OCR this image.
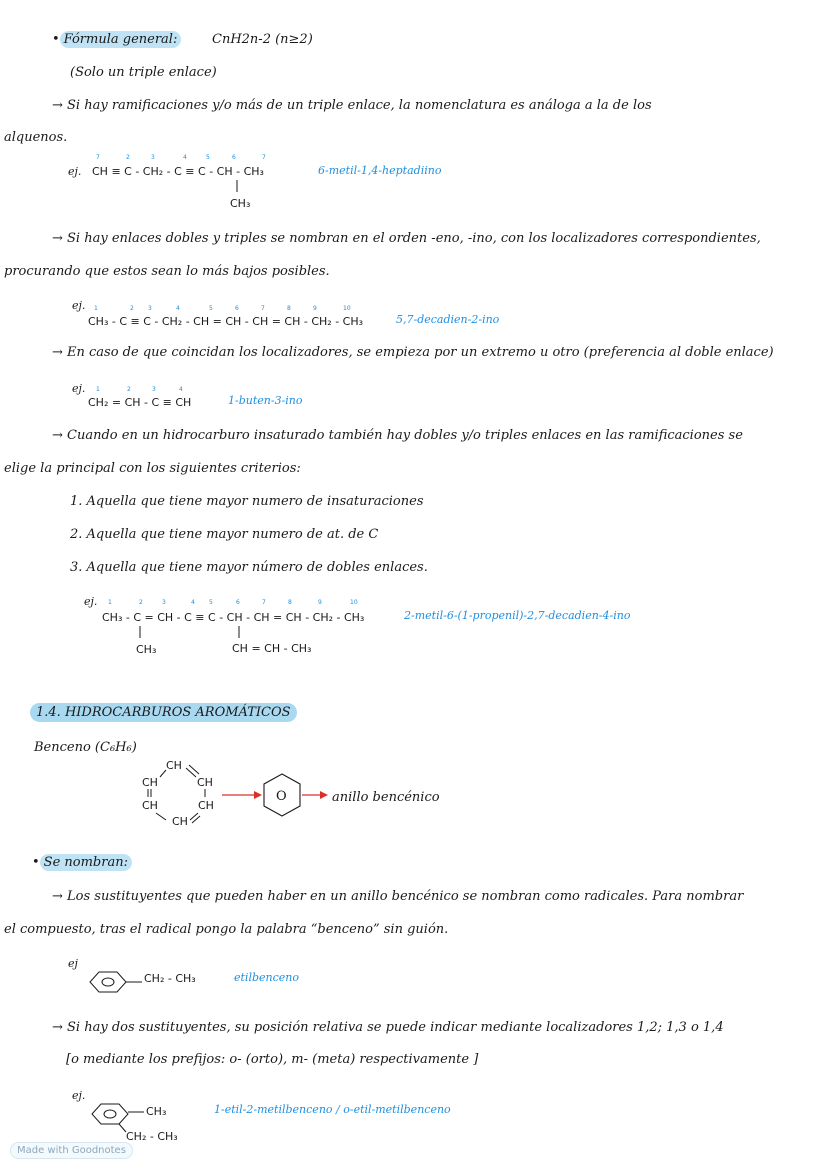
• Fórmula general:	CnH2n-2 (n≥2)
(Solo un triple enlace)
→ Si hay ramificaciones y/o más de un triple enlace, la nomenclatura es análoga a la de los
alquenos.
ej.
7	2	3	4	5	6	7
CH ≡ C - CH₂ - C ≡ C - CH - CH₃
CH₃
6-metil-1,4-heptadiino
→ Si hay enlaces dobles y triples se nombran en el orden -eno, -ino, con los localizadores correspondientes,
procurando que estos sean lo más bajos posibles.
ej. 1	2 3	4	5	6	7	8	9	10
CH₃ - C ≡ C - CH₂ - CH = CH - CH = CH - CH₂ - CH₃	5,7-decadien-2-ino
→ En caso de que coincidan los localizadores, se empieza por un extremo u otro (preferencia al doble enlace)
ej. 1	2	3	4
CH₂ = CH - C ≡ CH	1-buten-3-ino
→ Cuando en un hidrocarburo insaturado también hay dobles y/o triples enlaces en las ramificaciones se
elige la principal con los siguientes criterios:
1. Aquella que tiene mayor numero de insaturaciones
2. Aquella que tiene mayor numero de at. de C
3. Aquella que tiene mayor número de dobles enlaces.
ej. 1	2	3	4 5	6	7	8	9	10
CH₃ - C = CH - C ≡ C - CH - CH = CH - CH₂ - CH₃
CH₃	CH = CH - CH₃
2-metil-6-(1-propenil)-2,7-decadien-4-ino
1.4. HIDROCARBUROS AROMÁTICOS
Benceno (C₆H₆)
CH
CH	CH
CH	CH
CH
O	anillo bencénico
• Se nombran:
→ Los sustituyentes que pueden haber en un anillo bencénico se nombran como radicales. Para nombrar
el compuesto, tras el radical pongo la palabra “benceno” sin guión.
ej
CH₂ - CH₃	etilbenceno
→ Si hay dos sustituyentes, su posición relativa se puede indicar mediante localizadores 1,2; 1,3 o 1,4
[o mediante los prefijos: o- (orto), m- (meta) respectivamente ]
ej.
CH₃
CH₂ - CH₃
1-etil-2-metilbenceno / o-etil-metilbenceno
Made with Goodnotes
